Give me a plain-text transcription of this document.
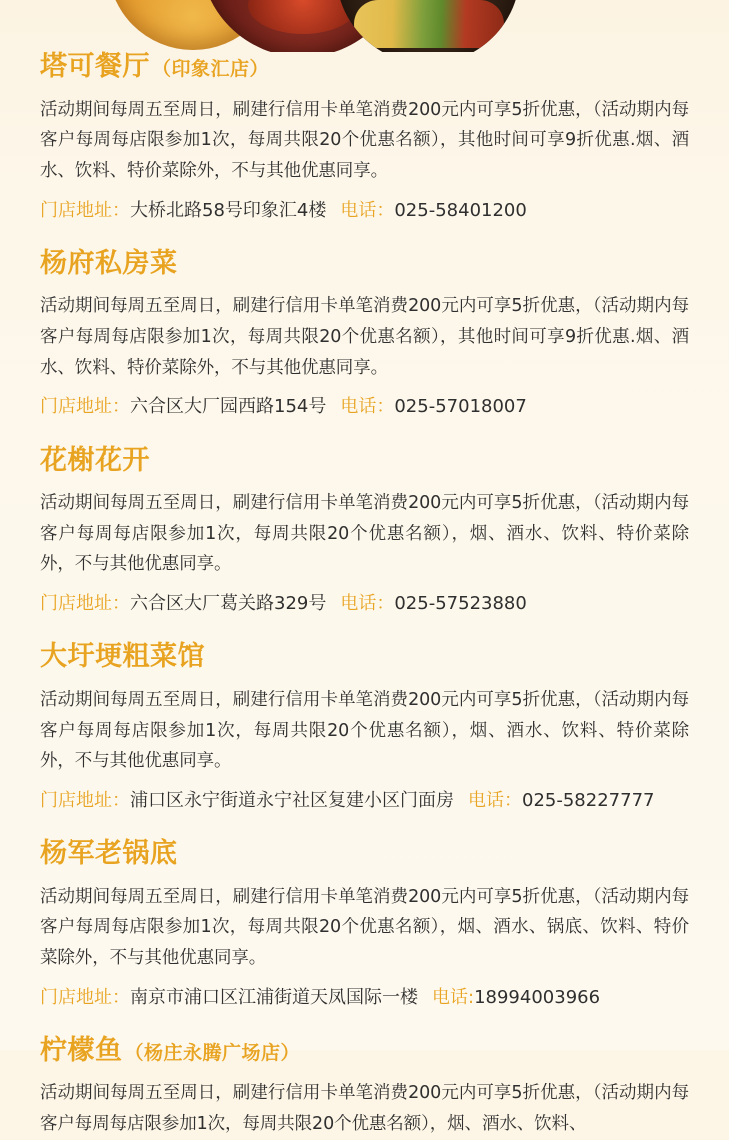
塔可餐厅 （印象汇店）
活动期间每周五至周日，刷建行信用卡单笔消费200元内可享5折优惠，（活动期内每客户每周每店限参加1次，每周共限20个优惠名额），其他时间可享9折优惠.烟、酒水、饮料、特价菜除外，不与其他优惠同享。
门店地址：大桥北路58号印象汇4楼 电话：025-58401200
杨府私房菜
活动期间每周五至周日，刷建行信用卡单笔消费200元内可享5折优惠，（活动期内每客户每周每店限参加1次，每周共限20个优惠名额），其他时间可享9折优惠.烟、酒水、饮料、特价菜除外，不与其他优惠同享。
门店地址：六合区大厂园西路154号 电话：025-57018007
花榭花开
活动期间每周五至周日，刷建行信用卡单笔消费200元内可享5折优惠，（活动期内每客户每周每店限参加1次，每周共限20个优惠名额），烟、酒水、饮料、特价菜除外，不与其他优惠同享。
门店地址：六合区大厂葛关路329号 电话：025-57523880
大圩埂粗菜馆
活动期间每周五至周日，刷建行信用卡单笔消费200元内可享5折优惠，（活动期内每客户每周每店限参加1次，每周共限20个优惠名额），烟、酒水、饮料、特价菜除外，不与其他优惠同享。
门店地址：浦口区永宁街道永宁社区复建小区门面房 电话：025-58227777
杨军老锅底
活动期间每周五至周日，刷建行信用卡单笔消费200元内可享5折优惠，（活动期内每客户每周每店限参加1次，每周共限20个优惠名额），烟、酒水、锅底、饮料、特价菜除外，不与其他优惠同享。
门店地址：南京市浦口区江浦街道天凤国际一楼 电话:18994003966
柠檬鱼 （杨庄永腾广场店）
活动期间每周五至周日，刷建行信用卡单笔消费200元内可享5折优惠，（活动期内每客户每周每店限参加1次，每周共限20个优惠名额），烟、酒水、饮料、
